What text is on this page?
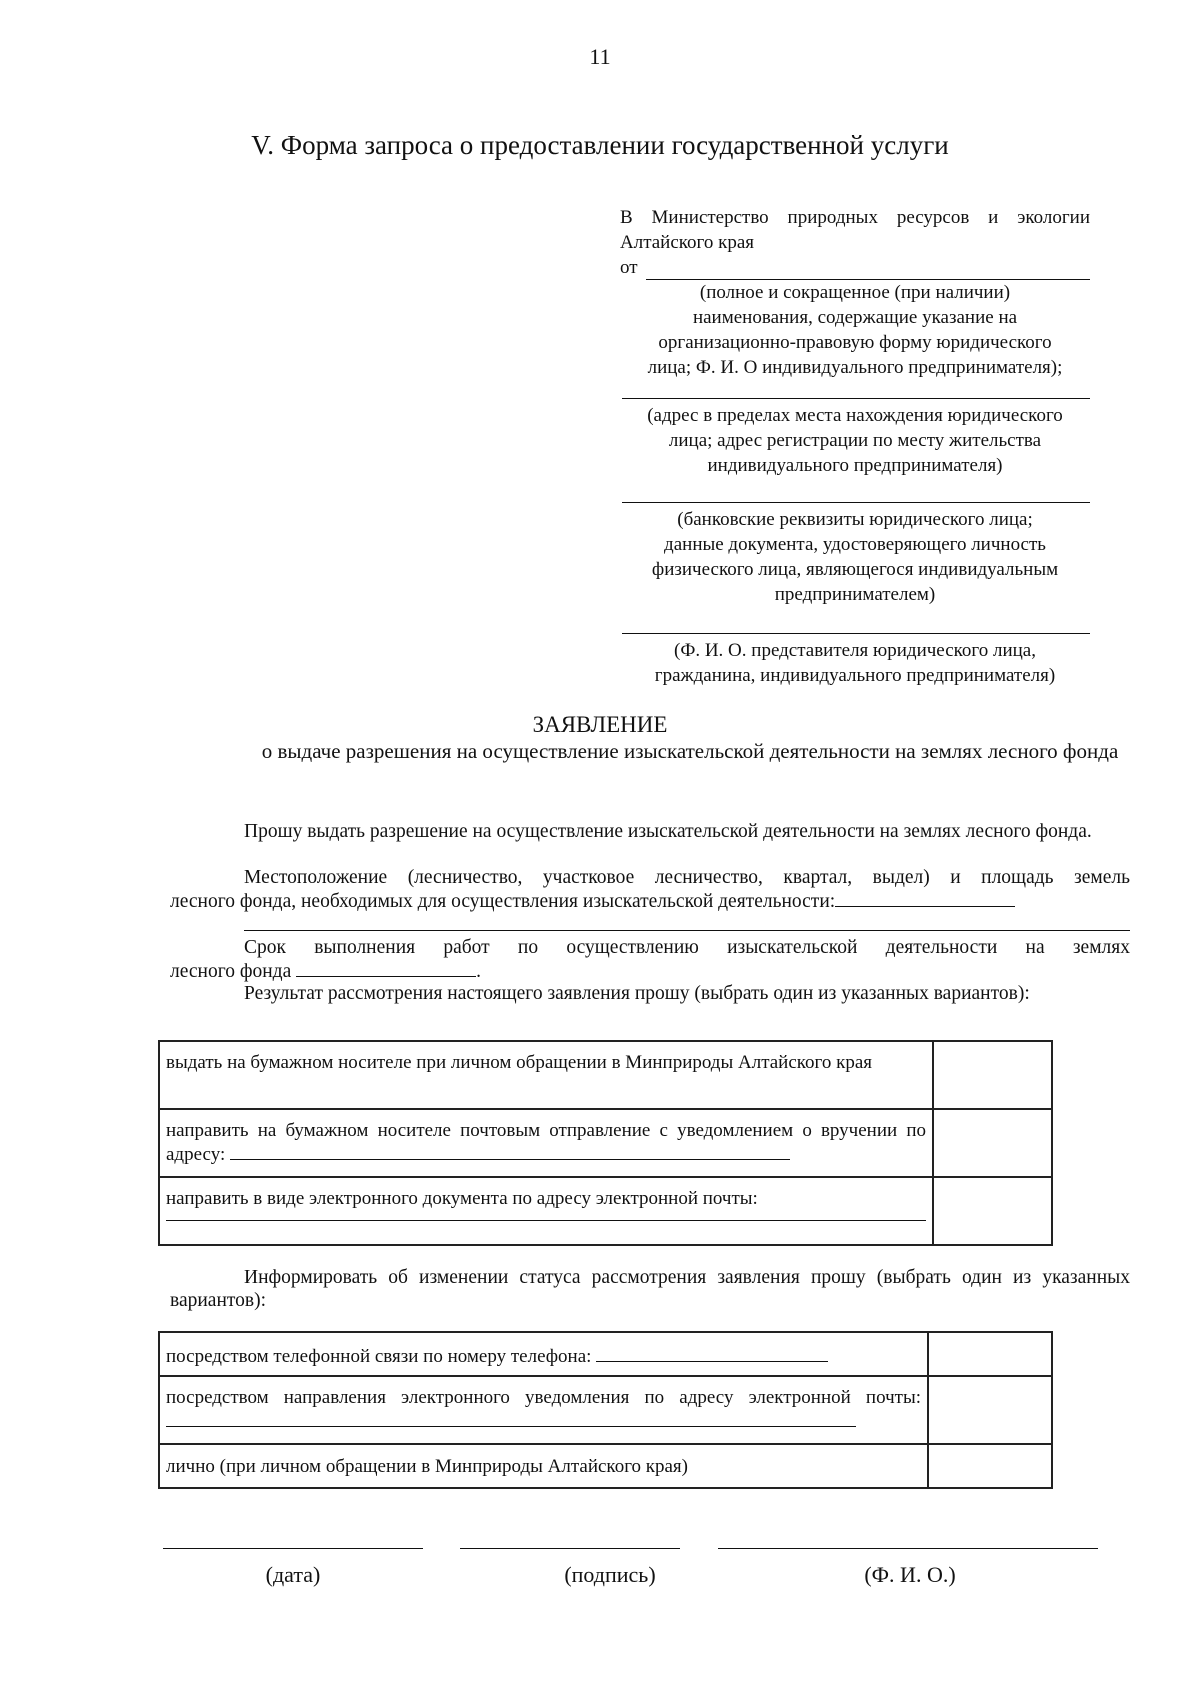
11
V. Форма запроса о предоставлении государственной услуги
В Министерство природных ресурсов и экологии
Алтайского края
от
(полное и сокращенное (при наличии)
наименования, содержащие указание на
организационно-правовую форму юридического
лица; Ф. И. О индивидуального предпринимателя);
(адрес в пределах места нахождения юридического
лица; адрес регистрации по месту жительства
индивидуального предпринимателя)
(банковские реквизиты юридического лица;
данные документа, удостоверяющего личность
физического лица, являющегося индивидуальным
предпринимателем)
(Ф. И. О. представителя юридического лица,
гражданина, индивидуального предпринимателя)
ЗАЯВЛЕНИЕ
о выдаче разрешения на осуществление изыскательской деятельности на землях лесного фонда
Прошу выдать разрешение на осуществление изыскательской деятельности на землях лесного фонда.
Местоположение (лесничество, участковое лесничество, квартал, выдел) и площадь земель
лесного фонда, необходимых для осуществления изыскательской деятельности:
Срок выполнения работ по осуществлению изыскательской деятельности на землях
лесного фонда	.
Результат рассмотрения настоящего заявления прошу (выбрать один из указанных вариантов):
выдать на бумажном носителе при личном обращении в Минприроды Алтайского края	
направить на бумажном носителе почтовым отправление с уведомлением о вручении по адресу:	
направить в виде электронного документа по адресу электронной почты:

Информировать об изменении статуса рассмотрения заявления прошу (выбрать один из указанных вариантов):
посредством телефонной связи по номеру телефона:	
посредством направления электронного уведомления по адресу электронной почты:	
лично (при личном обращении в Минприроды Алтайского края)	
(дата)	(подпись)	(Ф. И. О.)
